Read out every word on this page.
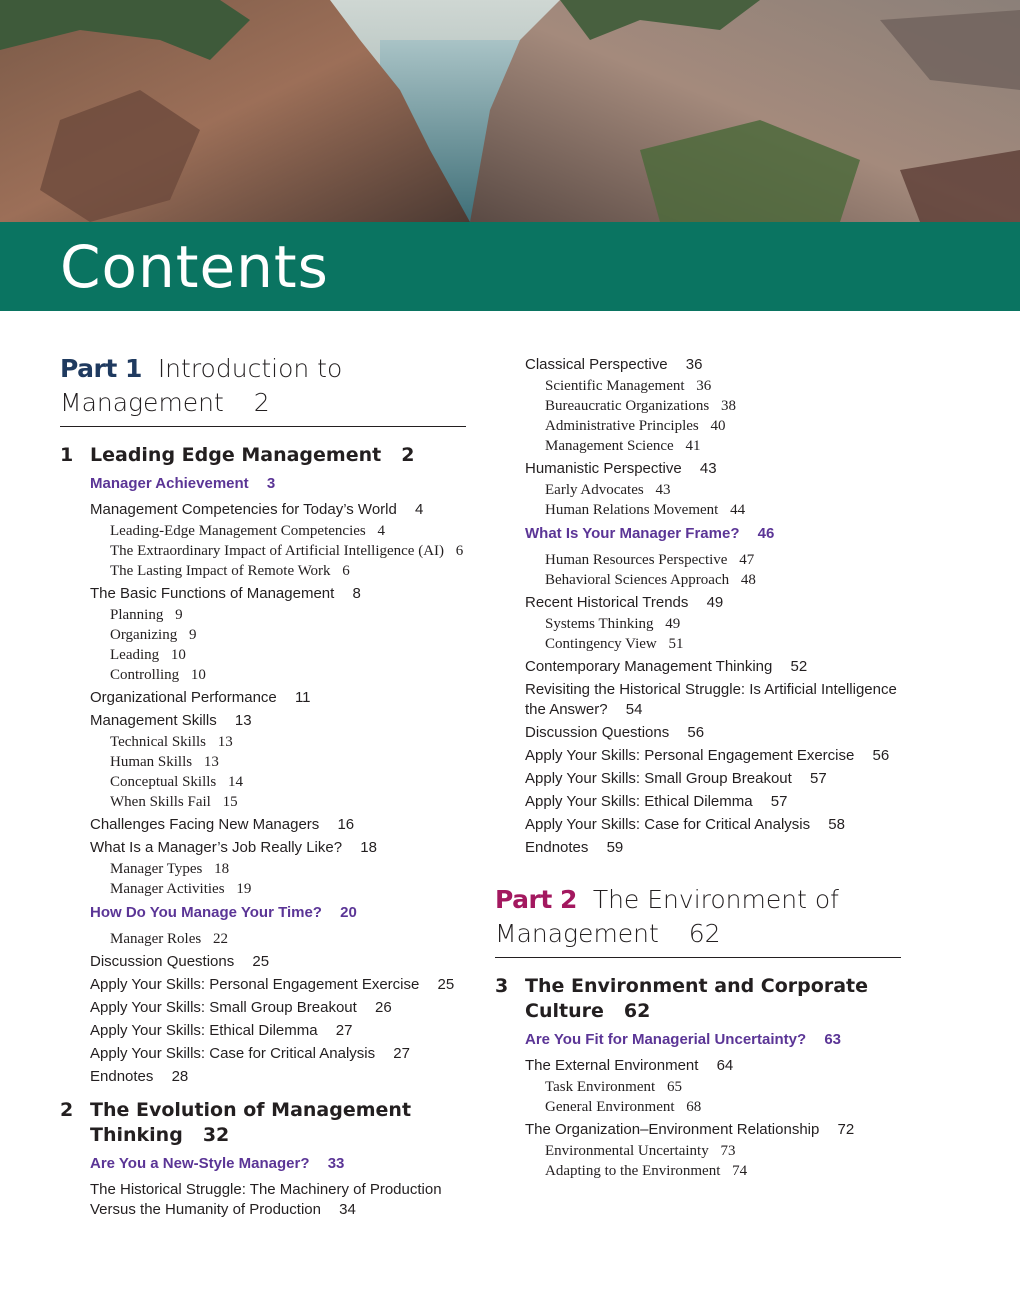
Contents
Part 1 Introduction to Management 2
1 Leading Edge Management 2
Manager Achievement 3
Management Competencies for Today’s World 4
Leading-Edge Management Competencies 4
The Extraordinary Impact of Artificial Intelligence (AI) 6
The Lasting Impact of Remote Work 6
The Basic Functions of Management 8
Planning 9
Organizing 9
Leading 10
Controlling 10
Organizational Performance 11
Management Skills 13
Technical Skills 13
Human Skills 13
Conceptual Skills 14
When Skills Fail 15
Challenges Facing New Managers 16
What Is a Manager’s Job Really Like? 18
Manager Types 18
Manager Activities 19
How Do You Manage Your Time? 20
Manager Roles 22
Discussion Questions 25
Apply Your Skills: Personal Engagement Exercise 25
Apply Your Skills: Small Group Breakout 26
Apply Your Skills: Ethical Dilemma 27
Apply Your Skills: Case for Critical Analysis 27
Endnotes 28
2 The Evolution of Management Thinking 32
Are You a New-Style Manager? 33
The Historical Struggle: The Machinery of Production Versus the Humanity of Production 34
Classical Perspective 36
Scientific Management 36
Bureaucratic Organizations 38
Administrative Principles 40
Management Science 41
Humanistic Perspective 43
Early Advocates 43
Human Relations Movement 44
What Is Your Manager Frame? 46
Human Resources Perspective 47
Behavioral Sciences Approach 48
Recent Historical Trends 49
Systems Thinking 49
Contingency View 51
Contemporary Management Thinking 52
Revisiting the Historical Struggle: Is Artificial Intelligence the Answer? 54
Discussion Questions 56
Apply Your Skills: Personal Engagement Exercise 56
Apply Your Skills: Small Group Breakout 57
Apply Your Skills: Ethical Dilemma 57
Apply Your Skills: Case for Critical Analysis 58
Endnotes 59
Part 2 The Environment of Management 62
3 The Environment and Corporate Culture 62
Are You Fit for Managerial Uncertainty? 63
The External Environment 64
Task Environment 65
General Environment 68
The Organization–Environment Relationship 72
Environmental Uncertainty 73
Adapting to the Environment 74
